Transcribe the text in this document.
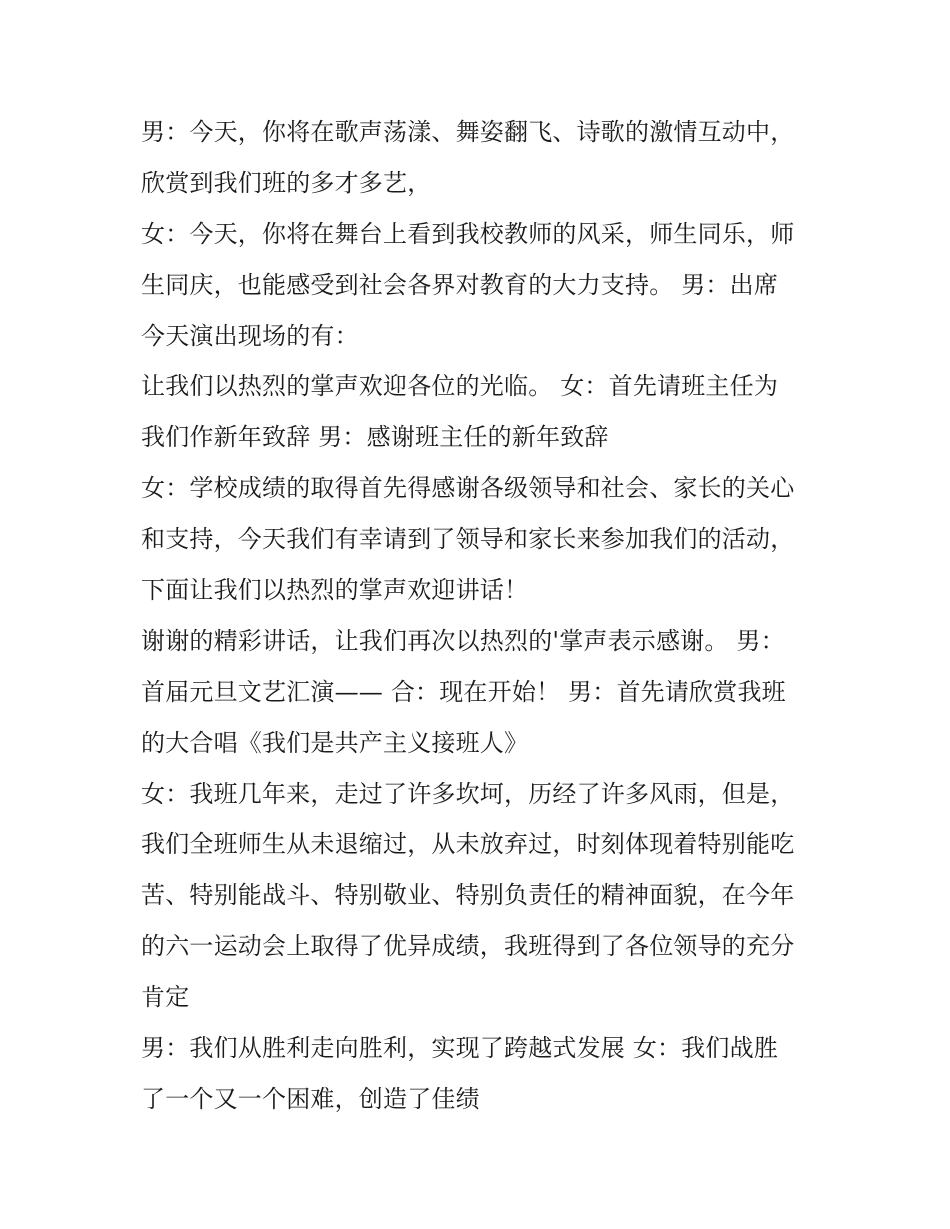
男：今天，你将在歌声荡漾、舞姿翻飞、诗歌的激情互动中，
欣赏到我们班的多才多艺，
女：今天，你将在舞台上看到我校教师的风采，师生同乐，师
生同庆，也能感受到社会各界对教育的大力支持。 男：出席
今天演出现场的有：
让我们以热烈的掌声欢迎各位的光临。 女：首先请班主任为
我们作新年致辞 男：感谢班主任的新年致辞
女：学校成绩的取得首先得感谢各级领导和社会、家长的关心
和支持，今天我们有幸请到了领导和家长来参加我们的活动，
下面让我们以热烈的掌声欢迎讲话！
谢谢的精彩讲话，让我们再次以热烈的'掌声表示感谢。 男：
首届元旦文艺汇演—— 合：现在开始！ 男：首先请欣赏我班
的大合唱《我们是共产主义接班人》
女：我班几年来，走过了许多坎坷，历经了许多风雨，但是，
我们全班师生从未退缩过，从未放弃过，时刻体现着特别能吃
苦、特别能战斗、特别敬业、特别负责任的精神面貌，在今年
的六一运动会上取得了优异成绩，我班得到了各位领导的充分
肯定
男：我们从胜利走向胜利，实现了跨越式发展 女：我们战胜
了一个又一个困难，创造了佳绩
